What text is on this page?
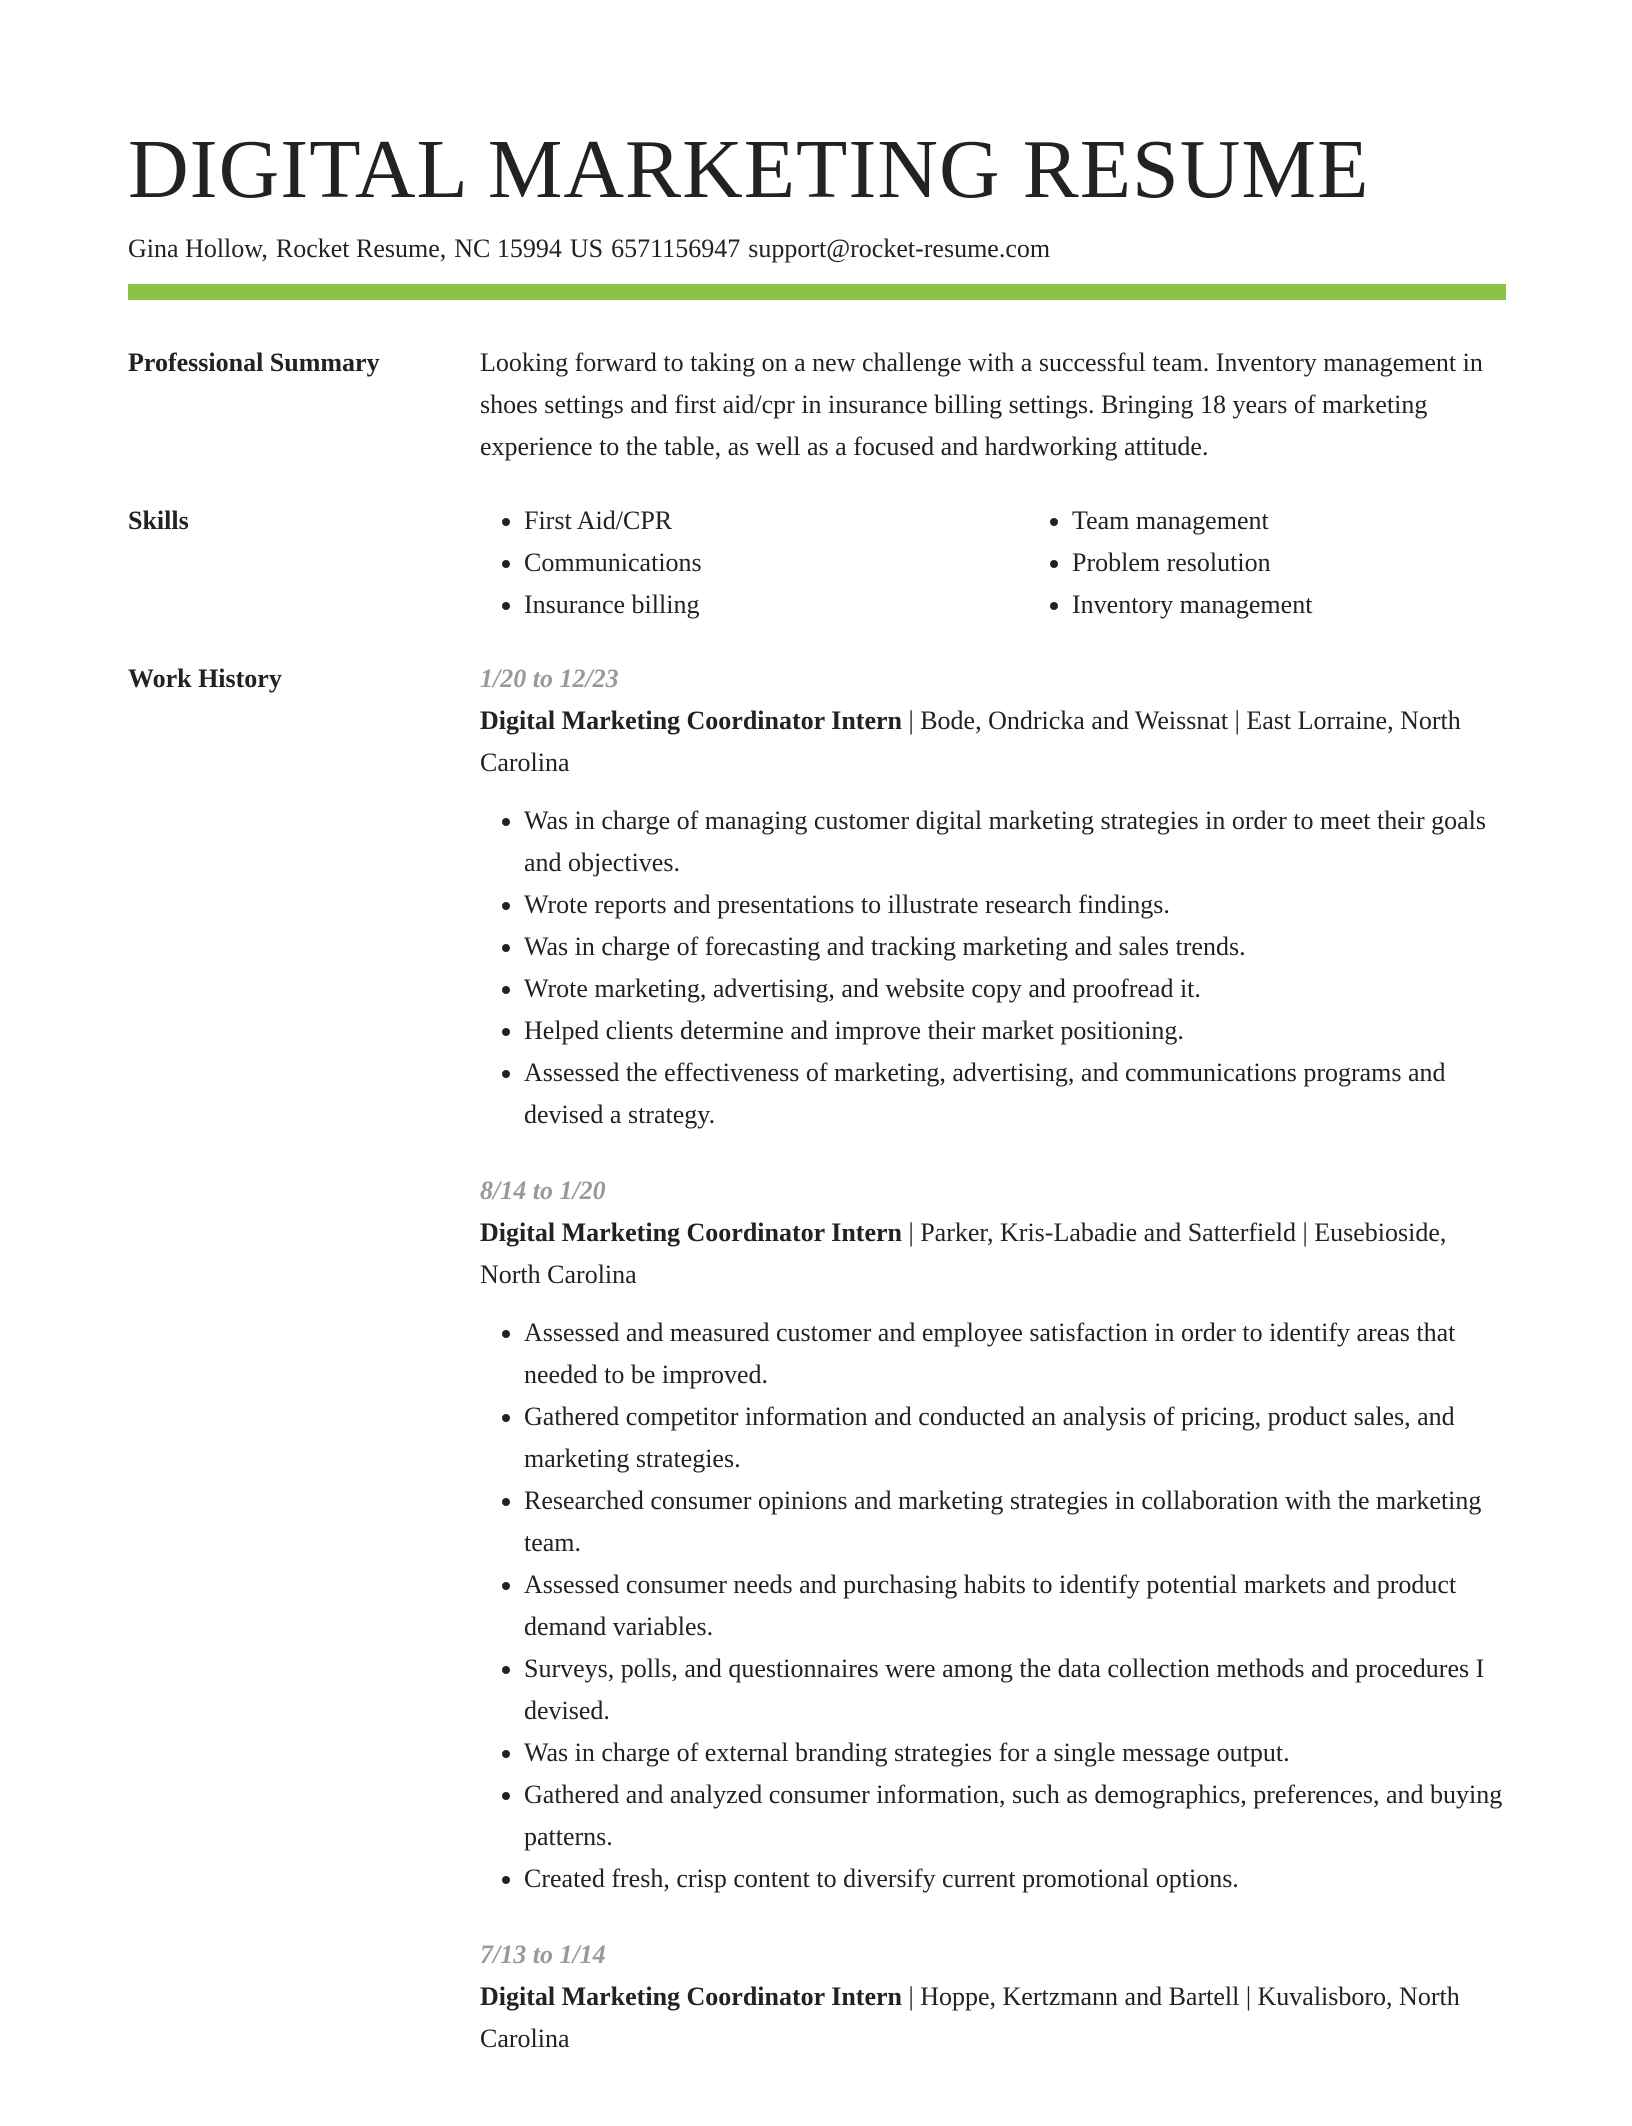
DIGITAL MARKETING RESUME
Gina Hollow, Rocket Resume, NC 15994 US 6571156947 support@rocket-resume.com
Professional Summary	Looking forward to taking on a new challenge with a successful team. Inventory management in shoes settings and first aid/cpr in insurance billing settings. Bringing 18 years of marketing experience to the table, as well as a focused and hardworking attitude.

Skills
•	First Aid/CPR
• Communications
• Insurance billing
• Team management
• Problem resolution
• Inventory management
Work History	1/20 to 12/23
Digital Marketing Coordinator Intern | Bode, Ondricka and Weissnat | East Lorraine, North Carolina
• Was in charge of managing customer digital marketing strategies in order to meet their goals and objectives.
• Wrote reports and presentations to illustrate research findings.
• Was in charge of forecasting and tracking marketing and sales trends.
• Wrote marketing, advertising, and website copy and proofread it.
• Helped clients determine and improve their market positioning.
• Assessed the effectiveness of marketing, advertising, and communications programs and devised a strategy.
8/14 to 1/20
Digital Marketing Coordinator Intern | Parker, Kris-Labadie and Satterfield | Eusebioside, North Carolina
• Assessed and measured customer and employee satisfaction in order to identify areas that needed to be improved.
• Gathered competitor information and conducted an analysis of pricing, product sales, and marketing strategies.
• Researched consumer opinions and marketing strategies in collaboration with the marketing team.
• Assessed consumer needs and purchasing habits to identify potential markets and product demand variables.
• Surveys, polls, and questionnaires were among the data collection methods and procedures I devised.
• Was in charge of external branding strategies for a single message output.
• Gathered and analyzed consumer information, such as demographics, preferences, and buying patterns.
• Created fresh, crisp content to diversify current promotional options.
7/13 to 1/14
Digital Marketing Coordinator Intern | Hoppe, Kertzmann and Bartell | Kuvalisboro, North Carolina
